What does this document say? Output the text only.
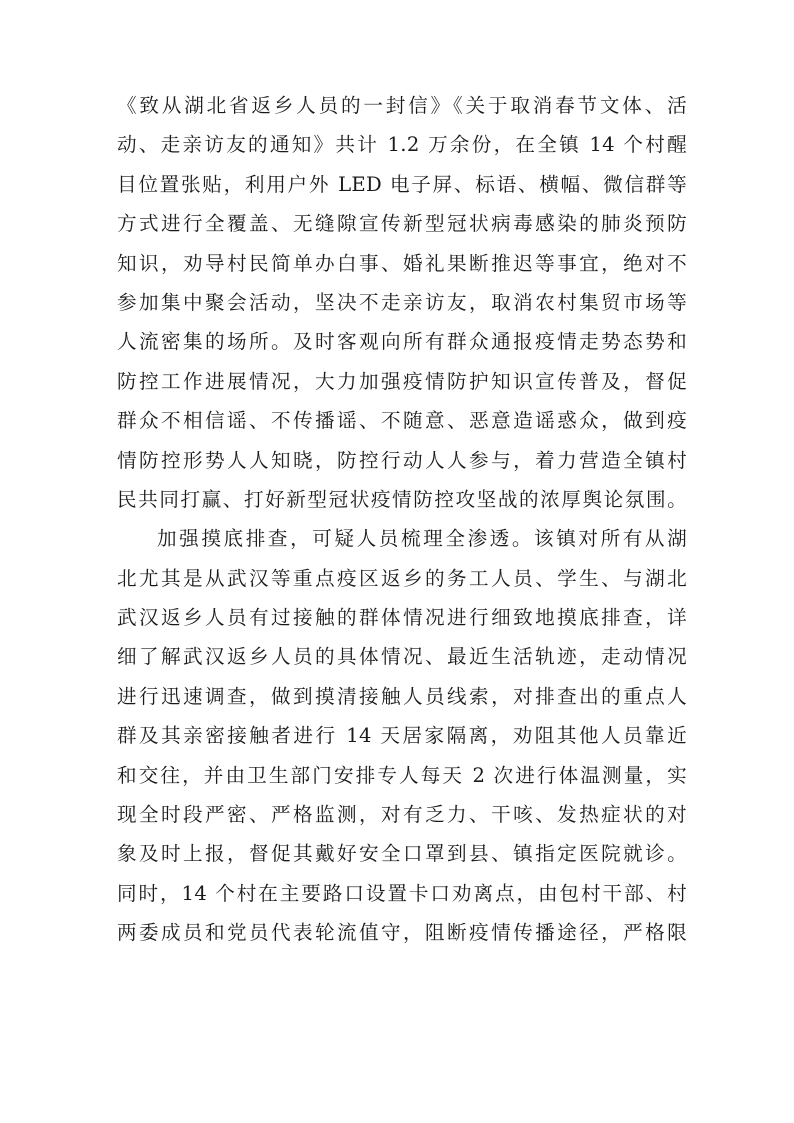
《致从湖北省返乡人员的一封信》《关于取消春节文体、活
动、走亲访友的通知》共计 1.2 万余份，在全镇 14 个村醒
目位置张贴，利用户外 LED 电子屏、标语、横幅、微信群等
方式进行全覆盖、无缝隙宣传新型冠状病毒感染的肺炎预防
知识，劝导村民简单办白事、婚礼果断推迟等事宜，绝对不
参加集中聚会活动，坚决不走亲访友，取消农村集贸市场等
人流密集的场所。及时客观向所有群众通报疫情走势态势和
防控工作进展情况，大力加强疫情防护知识宣传普及，督促
群众不相信谣、不传播谣、不随意、恶意造谣惑众，做到疫
情防控形势人人知晓，防控行动人人参与，着力营造全镇村
民共同打赢、打好新型冠状疫情防控攻坚战的浓厚舆论氛围。
加强摸底排查，可疑人员梳理全渗透。该镇对所有从湖
北尤其是从武汉等重点疫区返乡的务工人员、学生、与湖北
武汉返乡人员有过接触的群体情况进行细致地摸底排查，详
细了解武汉返乡人员的具体情况、最近生活轨迹，走动情况
进行迅速调查，做到摸清接触人员线索，对排查出的重点人
群及其亲密接触者进行 14 天居家隔离，劝阻其他人员靠近
和交往，并由卫生部门安排专人每天 2 次进行体温测量，实
现全时段严密、严格监测，对有乏力、干咳、发热症状的对
象及时上报，督促其戴好安全口罩到县、镇指定医院就诊。
同时，14 个村在主要路口设置卡口劝离点，由包村干部、村
两委成员和党员代表轮流值守，阻断疫情传播途径，严格限
